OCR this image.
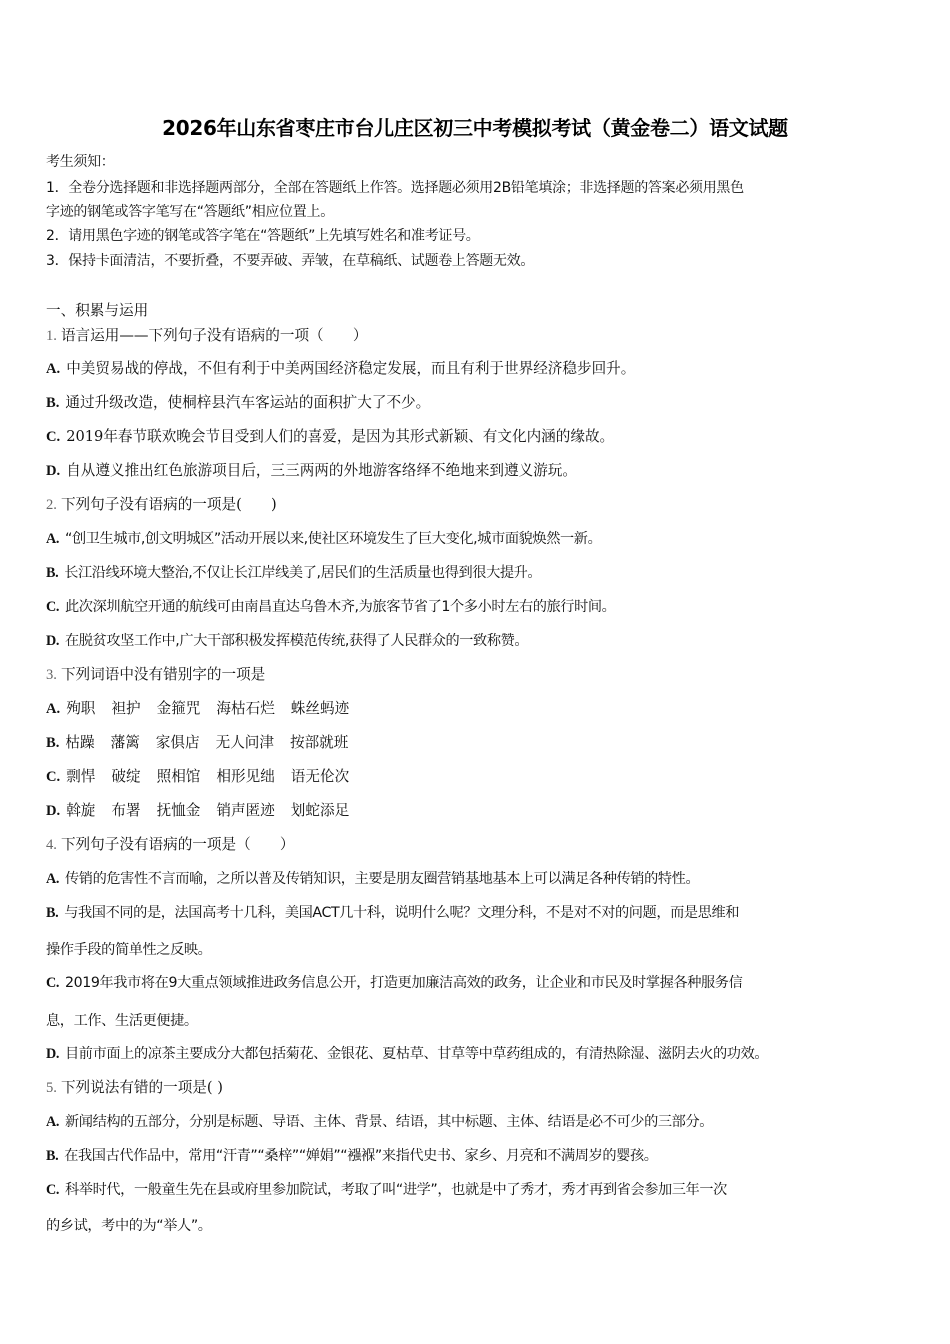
2026年山东省枣庄市台儿庄区初三中考模拟考试（黄金卷二）语文试题

考生须知：

1．全卷分选择题和非选择题两部分，全部在答题纸上作答。选择题必须用2B铅笔填涂；非选择题的答案必须用黑色

字迹的钢笔或答字笔写在“答题纸”相应位置上。

2．请用黑色字迹的钢笔或答字笔在“答题纸”上先填写姓名和准考证号。

3．保持卡面清洁，不要折叠，不要弄破、弄皱，在草稿纸、试题卷上答题无效。

一、积累与运用

1. 语言运用——下列句子没有语病的一项（　　）

A. 中美贸易战的停战，不但有利于中美两国经济稳定发展，而且有利于世界经济稳步回升。

B. 通过升级改造，使桐梓县汽车客运站的面积扩大了不少。

C. 2019年春节联欢晚会节目受到人们的喜爱，是因为其形式新颖、有文化内涵的缘故。

D. 自从遵义推出红色旅游项目后，三三两两的外地游客络绎不绝地来到遵义游玩。

2. 下列句子没有语病的一项是(　　)

A. “创卫生城市,创文明城区”活动开展以来,使社区环境发生了巨大变化,城市面貌焕然一新。

B. 长江沿线环境大整治,不仅让长江岸线美了,居民们的生活质量也得到很大提升。

C. 此次深圳航空开通的航线可由南昌直达乌鲁木齐,为旅客节省了1个多小时左右的旅行时间。

D. 在脱贫攻坚工作中,广大干部积极发挥模范传统,获得了人民群众的一致称赞。

3. 下列词语中没有错别字的一项是

A. 殉职 袒护 金箍咒 海枯石烂 蛛丝蚂迹

B. 枯躁 藩篱 家俱店 无人问津 按部就班

C. 剽悍 破绽 照相馆 相形见绌 语无伦次

D. 斡旋 布署 抚恤金 销声匿迹 划蛇添足

4. 下列句子没有语病的一项是（　　）

A. 传销的危害性不言而喻，之所以普及传销知识，主要是朋友圈营销基地基本上可以满足各种传销的特性。

B. 与我国不同的是，法国高考十几科，美国ACT几十科，说明什么呢？文理分科，不是对不对的问题，而是思维和

操作手段的简单性之反映。

C. 2019年我市将在9大重点领域推进政务信息公开，打造更加廉洁高效的政务，让企业和市民及时掌握各种服务信

息，工作、生活更便捷。

D. 目前市面上的凉茶主要成分大都包括菊花、金银花、夏枯草、甘草等中草药组成的，有清热除湿、滋阴去火的功效。

5. 下列说法有错的一项是( )

A. 新闻结构的五部分，分别是标题、导语、主体、背景、结语，其中标题、主体、结语是必不可少的三部分。

B. 在我国古代作品中，常用“汗青”“桑梓”“婵娟”“襁褓”来指代史书、家乡、月亮和不满周岁的婴孩。

C. 科举时代，一般童生先在县或府里参加院试，考取了叫“进学”，也就是中了秀才，秀才再到省会参加三年一次

的乡试，考中的为“举人”。
